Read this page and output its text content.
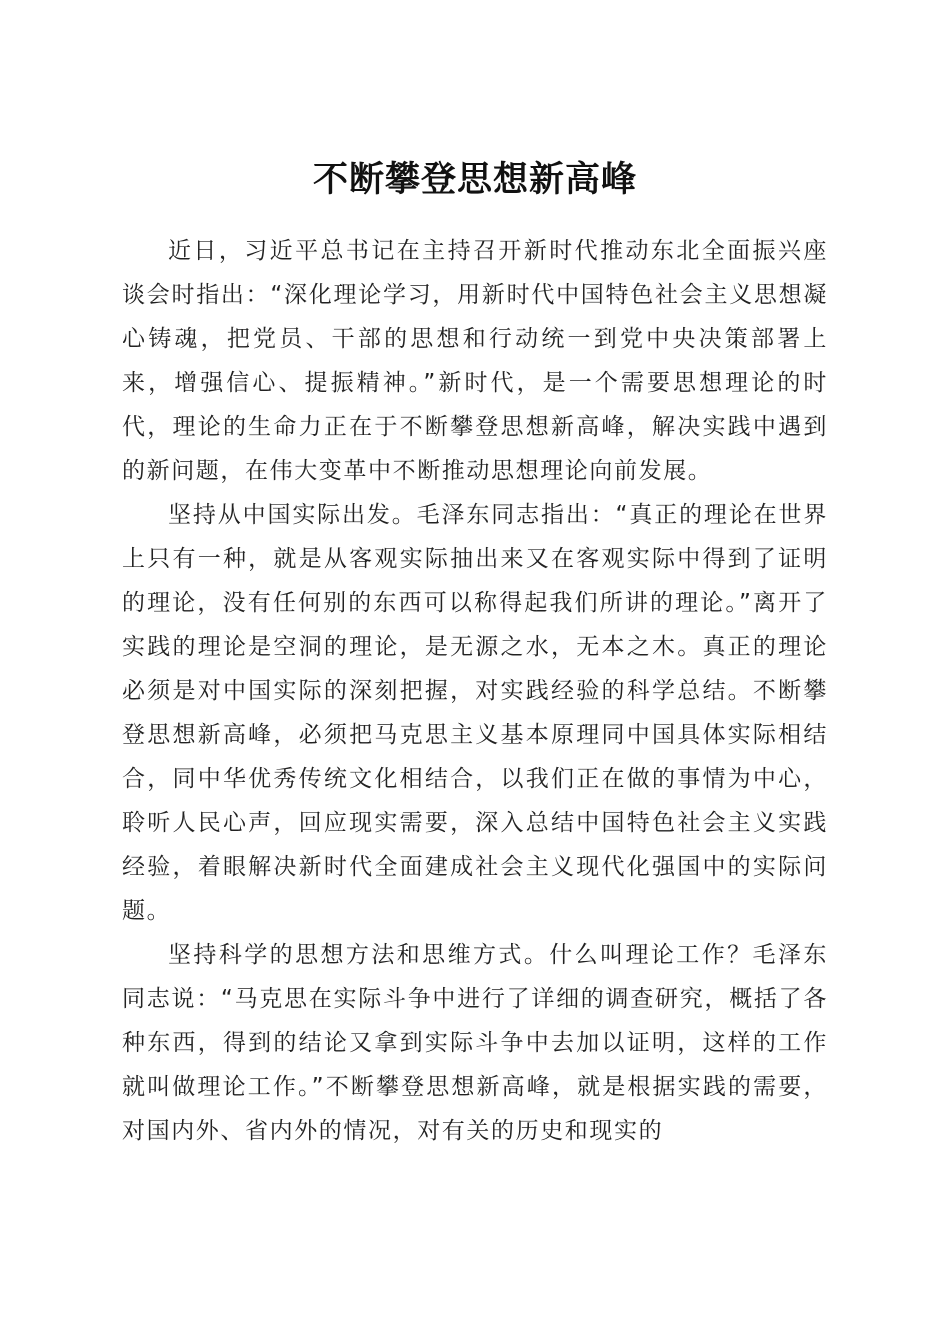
不断攀登思想新高峰

近日，习近平总书记在主持召开新时代推动东北全面振兴座谈会时指出：“深化理论学习，用新时代中国特色社会主义思想凝心铸魂，把党员、干部的思想和行动统一到党中央决策部署上来，增强信心、提振精神。”新时代，是一个需要思想理论的时代，理论的生命力正在于不断攀登思想新高峰，解决实践中遇到的新问题，在伟大变革中不断推动思想理论向前发展。

坚持从中国实际出发。毛泽东同志指出：“真正的理论在世界上只有一种，就是从客观实际抽出来又在客观实际中得到了证明的理论，没有任何别的东西可以称得起我们所讲的理论。”离开了实践的理论是空洞的理论，是无源之水，无本之木。真正的理论必须是对中国实际的深刻把握，对实践经验的科学总结。不断攀登思想新高峰，必须把马克思主义基本原理同中国具体实际相结合，同中华优秀传统文化相结合，以我们正在做的事情为中心，聆听人民心声，回应现实需要，深入总结中国特色社会主义实践经验，着眼解决新时代全面建成社会主义现代化强国中的实际问题。

坚持科学的思想方法和思维方式。什么叫理论工作？毛泽东同志说：“马克思在实际斗争中进行了详细的调查研究，概括了各种东西，得到的结论又拿到实际斗争中去加以证明，这样的工作就叫做理论工作。”不断攀登思想新高峰，就是根据实践的需要，对国内外、省内外的情况，对有关的历史和现实的
